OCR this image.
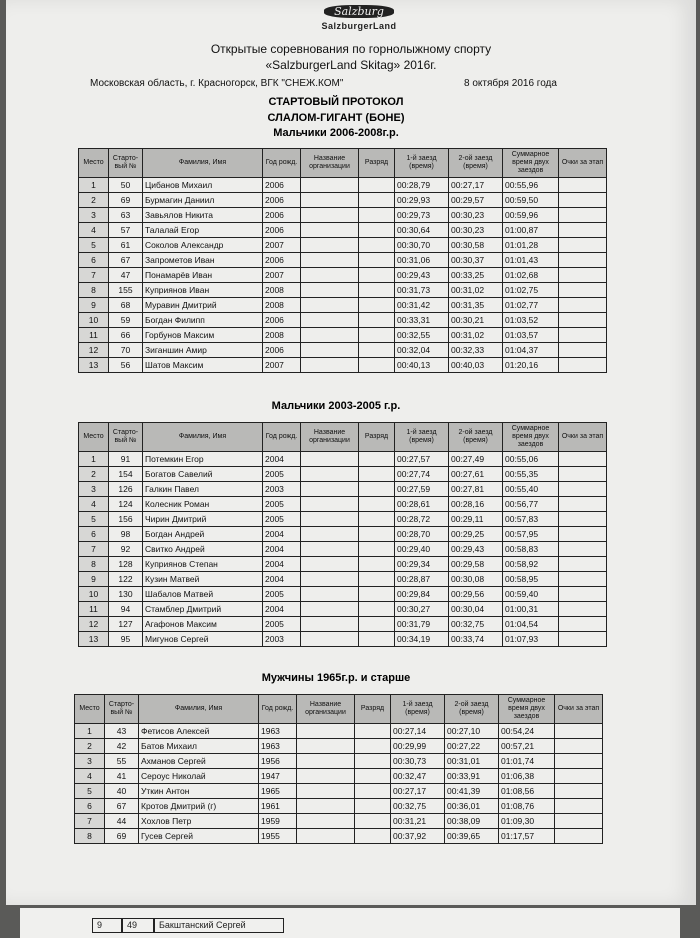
Salzburg
SalzburgerLand
Открытые соревнования по горнолыжному спорту
«SalzburgerLand Skitag» 2016г.
Московская область, г. Красногорск, ВГК "СНЕЖ.КОМ"	8 октября 2016 года
СТАРТОВЫЙ ПРОТОКОЛ
СЛАЛОМ-ГИГАНТ (БОНЕ)
Мальчики 2006-2008г.р.
Мальчики 2003-2005 г.р.
Мужчины 1965г.р. и старше
Место	Старто-вый №	Фамилия, Имя	Год рожд.	Название организации	Разряд	1-й заезд (время)	2-ой заезд (время)	Суммарное время двух заездов	Очки за этап
1	50	Цибанов Михаил	2006			00:28,79	00:27,17	00:55,96	
2	69	Бурмагин Даниил	2006			00:29,93	00:29,57	00:59,50	
3	63	Завьялов Никита	2006			00:29,73	00:30,23	00:59,96	
4	57	Талалай Егор	2006			00:30,64	00:30,23	01:00,87	
5	61	Соколов Александр	2007			00:30,70	00:30,58	01:01,28	
6	67	Запрометов Иван	2006			00:31,06	00:30,37	01:01,43	
7	47	Понамарёв Иван	2007			00:29,43	00:33,25	01:02,68	
8	155	Куприянов Иван	2008			00:31,73	00:31,02	01:02,75	
9	68	Муравин Дмитрий	2008			00:31,42	00:31,35	01:02,77	
10	59	Богдан Филипп	2006			00:33,31	00:30,21	01:03,52	
11	66	Горбунов Максим	2008			00:32,55	00:31,02	01:03,57	
12	70	Зиганшин Амир	2006			00:32,04	00:32,33	01:04,37	
13	56	Шатов Максим	2007			00:40,13	00:40,03	01:20,16	
Место	Старто-вый №	Фамилия, Имя	Год рожд.	Название организации	Разряд	1-й заезд (время)	2-ой заезд (время)	Суммарное время двух заездов	Очки за этап
1	91	Потемкин Егор	2004			00:27,57	00:27,49	00:55,06	
2	154	Богатов Савелий	2005			00:27,74	00:27,61	00:55,35	
3	126	Галкин Павел	2003			00:27,59	00:27,81	00:55,40	
4	124	Колесник Роман	2005			00:28,61	00:28,16	00:56,77	
5	156	Чирин Дмитрий	2005			00:28,72	00:29,11	00:57,83	
6	98	Богдан Андрей	2004			00:28,70	00:29,25	00:57,95	
7	92	Свитко Андрей	2004			00:29,40	00:29,43	00:58,83	
8	128	Куприянов Степан	2004			00:29,34	00:29,58	00:58,92	
9	122	Кузин Матвей	2004			00:28,87	00:30,08	00:58,95	
10	130	Шабалов Матвей	2005			00:29,84	00:29,56	00:59,40	
11	94	Стамблер Дмитрий	2004			00:30,27	00:30,04	01:00,31	
12	127	Агафонов Максим	2005			00:31,79	00:32,75	01:04,54	
13	95	Мигунов Сергей	2003			00:34,19	00:33,74	01:07,93	
Место	Старто-вый №	Фамилия, Имя	Год рожд.	Название организации	Разряд	1-й заезд (время)	2-ой заезд (время)	Суммарное время двух заездов	Очки за этап
1	43	Фетисов Алексей	1963			00:27,14	00:27,10	00:54,24	
2	42	Батов Михаил	1963			00:29,99	00:27,22	00:57,21	
3	55	Ахманов Сергей	1956			00:30,73	00:31,01	01:01,74	
4	41	Сероус Николай	1947			00:32,47	00:33,91	01:06,38	
5	40	Уткин Антон	1965			00:27,17	00:41,39	01:08,56	
6	67	Кротов Дмитрий (г)	1961			00:32,75	00:36,01	01:08,76	
7	44	Хохлов Петр	1959			00:31,21	00:38,09	01:09,30	
8	69	Гусев Сергей	1955			00:37,92	00:39,65	01:17,57	
9	49 Бакштанский Сергей
